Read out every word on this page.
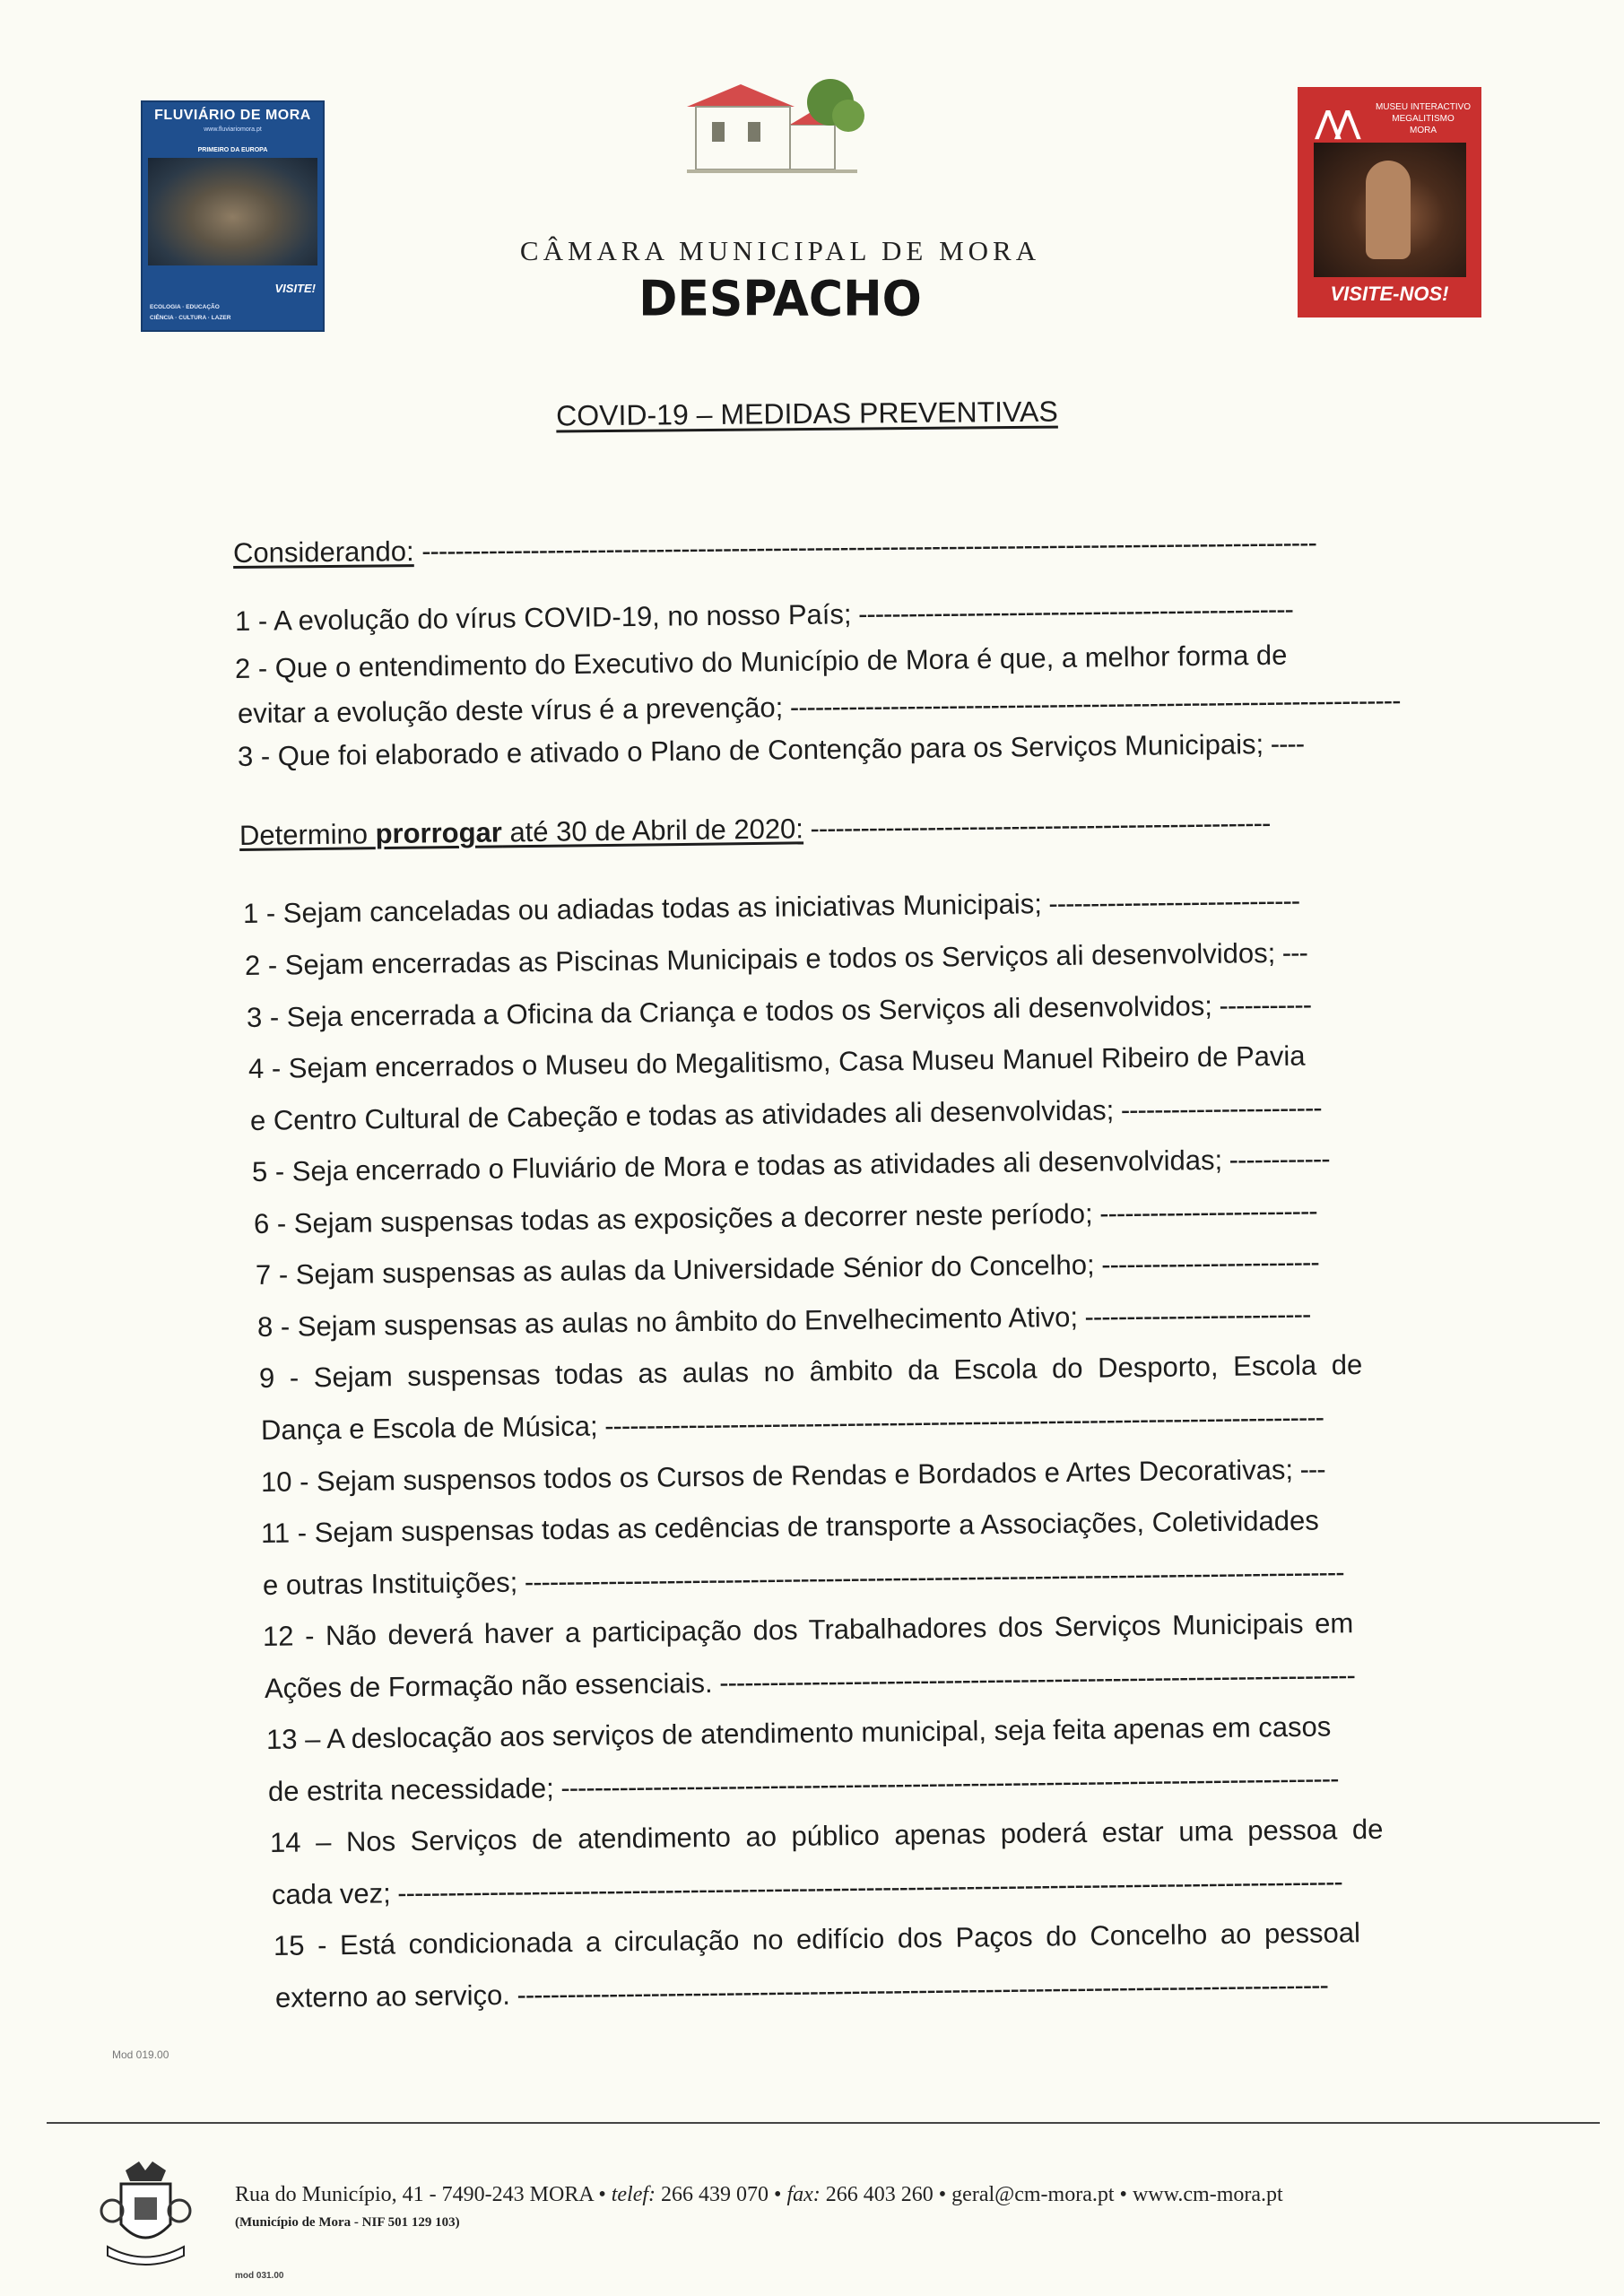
FLUVIÁRIO DE MORA
www.fluviariomora.pt
PRIMEIRO DA EUROPA
VISITE!
ECOLOGIA · EDUCAÇÃO
CIÊNCIA · CULTURA · LAZER
⋀⋀	MUSEU INTERACTIVO
MEGALITISMO
MORA
VISITE-NOS!
CÂMARA MUNICIPAL DE MORA
DESPACHO
COVID-19 – MEDIDAS PREVENTIVAS
Considerando: -----------------------------------------------------------------------------------------------------------
1 - A evolução do vírus COVID-19, no nosso País; ----------------------------------------------------
2 - Que o entendimento do Executivo do Município de Mora é que, a melhor forma de
evitar a evolução deste vírus é a prevenção; -------------------------------------------------------------------------
3 - Que foi elaborado e ativado o Plano de Contenção para os Serviços Municipais; ----
Determino prorrogar até 30 de Abril de 2020: -------------------------------------------------------
1 - Sejam canceladas ou adiadas todas as iniciativas Municipais; ------------------------------
2 - Sejam encerradas as Piscinas Municipais e todos os Serviços ali desenvolvidos; ---
3 - Seja encerrada a Oficina da Criança e todos os Serviços ali desenvolvidos; -----------
4 - Sejam encerrados o Museu do Megalitismo, Casa Museu Manuel Ribeiro de Pavia
e Centro Cultural de Cabeção e todas as atividades ali desenvolvidas; ------------------------
5 - Seja encerrado o Fluviário de Mora e todas as atividades ali desenvolvidas; ------------
6 - Sejam suspensas todas as exposições a decorrer neste período; --------------------------
7 - Sejam suspensas as aulas da Universidade Sénior do Concelho; --------------------------
8 - Sejam suspensas as aulas no âmbito do Envelhecimento Ativo; ---------------------------
9 - Sejam suspensas todas as aulas no âmbito da Escola do Desporto, Escola de
Dança e Escola de Música; --------------------------------------------------------------------------------------
10 - Sejam suspensos todos os Cursos de Rendas e Bordados e Artes Decorativas; ---
11 - Sejam suspensas todas as cedências de transporte a Associações, Coletividades
e outras Instituições; --------------------------------------------------------------------------------------------------
12 - Não deverá haver a participação dos Trabalhadores dos Serviços Municipais em
Ações de Formação não essenciais. ----------------------------------------------------------------------------
13 – A deslocação aos serviços de atendimento municipal, seja feita apenas em casos
de estrita necessidade; ---------------------------------------------------------------------------------------------
14 – Nos Serviços de atendimento ao público apenas poderá estar uma pessoa de
cada vez; -----------------------------------------------------------------------------------------------------------------
15 - Está condicionada a circulação no edifício dos Paços do Concelho ao pessoal
externo ao serviço. -------------------------------------------------------------------------------------------------
Mod 019.00
Rua do Município, 41 - 7490-243 MORA • telef: 266 439 070 • fax: 266 403 260 • geral@cm-mora.pt • www.cm-mora.pt
(Município de Mora - NIF 501 129 103)
mod 031.00
